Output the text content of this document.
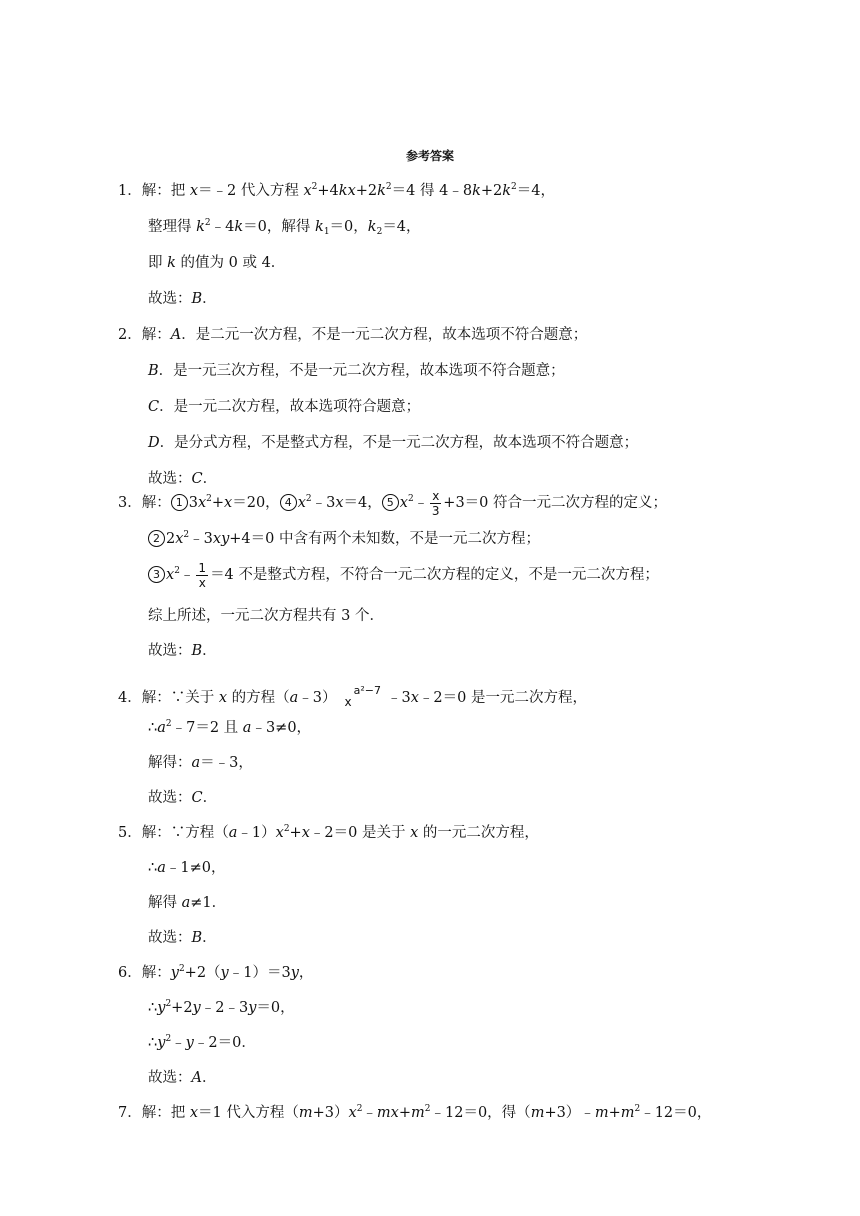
参考答案
1．解：把 x＝﹣2 代入方程 $x^2+4kx+2k^2=4$ 得 $4﹣8k+2k^2=4$，
整理得 $k^2﹣4k=0$，解得 $k_1=0$，$k_2=4$，
即 k 的值为 0 或 4．
故选：B．
2．解：A．是二元一次方程，不是一元二次方程，故本选项不符合题意；
B．是一元三次方程，不是一元二次方程，故本选项不符合题意；
C．是一元二次方程，故本选项符合题意；
D．是分式方程，不是整式方程，不是一元二次方程，故本选项不符合题意；
故选：C．
3．解： 1 $3x^2+x=20$， 4 $x^2﹣3x=4$， 5 $x^2﹣ \frac{x}{3} +3=0$ 符合一元二次方程的定义；
2 $2x^2﹣3xy+4=0$ 中含有两个未知数，不是一元二次方程；
3 $x^2﹣ \frac{1}{x} =4$ 不是整式方程，不符合一元二次方程的定义，不是一元二次方程；
综上所述，一元二次方程共有 3 个．
故选：B．
4．解：∵关于 x 的方程（a﹣3） $_x^{a^2-7}$ ﹣3x﹣2＝0 是一元二次方程，
$\therefore a^2﹣7=2$ 且 a﹣3≠0，
解得：a＝﹣3，
故选：C．
5．解：∵方程$(a﹣1)x^2+x﹣2=0$ 是关于 x 的一元二次方程，
∴a﹣1≠0，
解得 a≠1．
故选：B．
6．解：$y^2+2(y﹣1)=3y$，
$\therefore y^2+2y﹣2﹣3y=0$，
$\therefore y^2﹣y﹣2=0$．
故选：A．
7．解：把 x＝1 代入方程$(m+3)x^2﹣mx+m^2﹣12=0$，得$(m+3)﹣m+m^2﹣12=0$，
